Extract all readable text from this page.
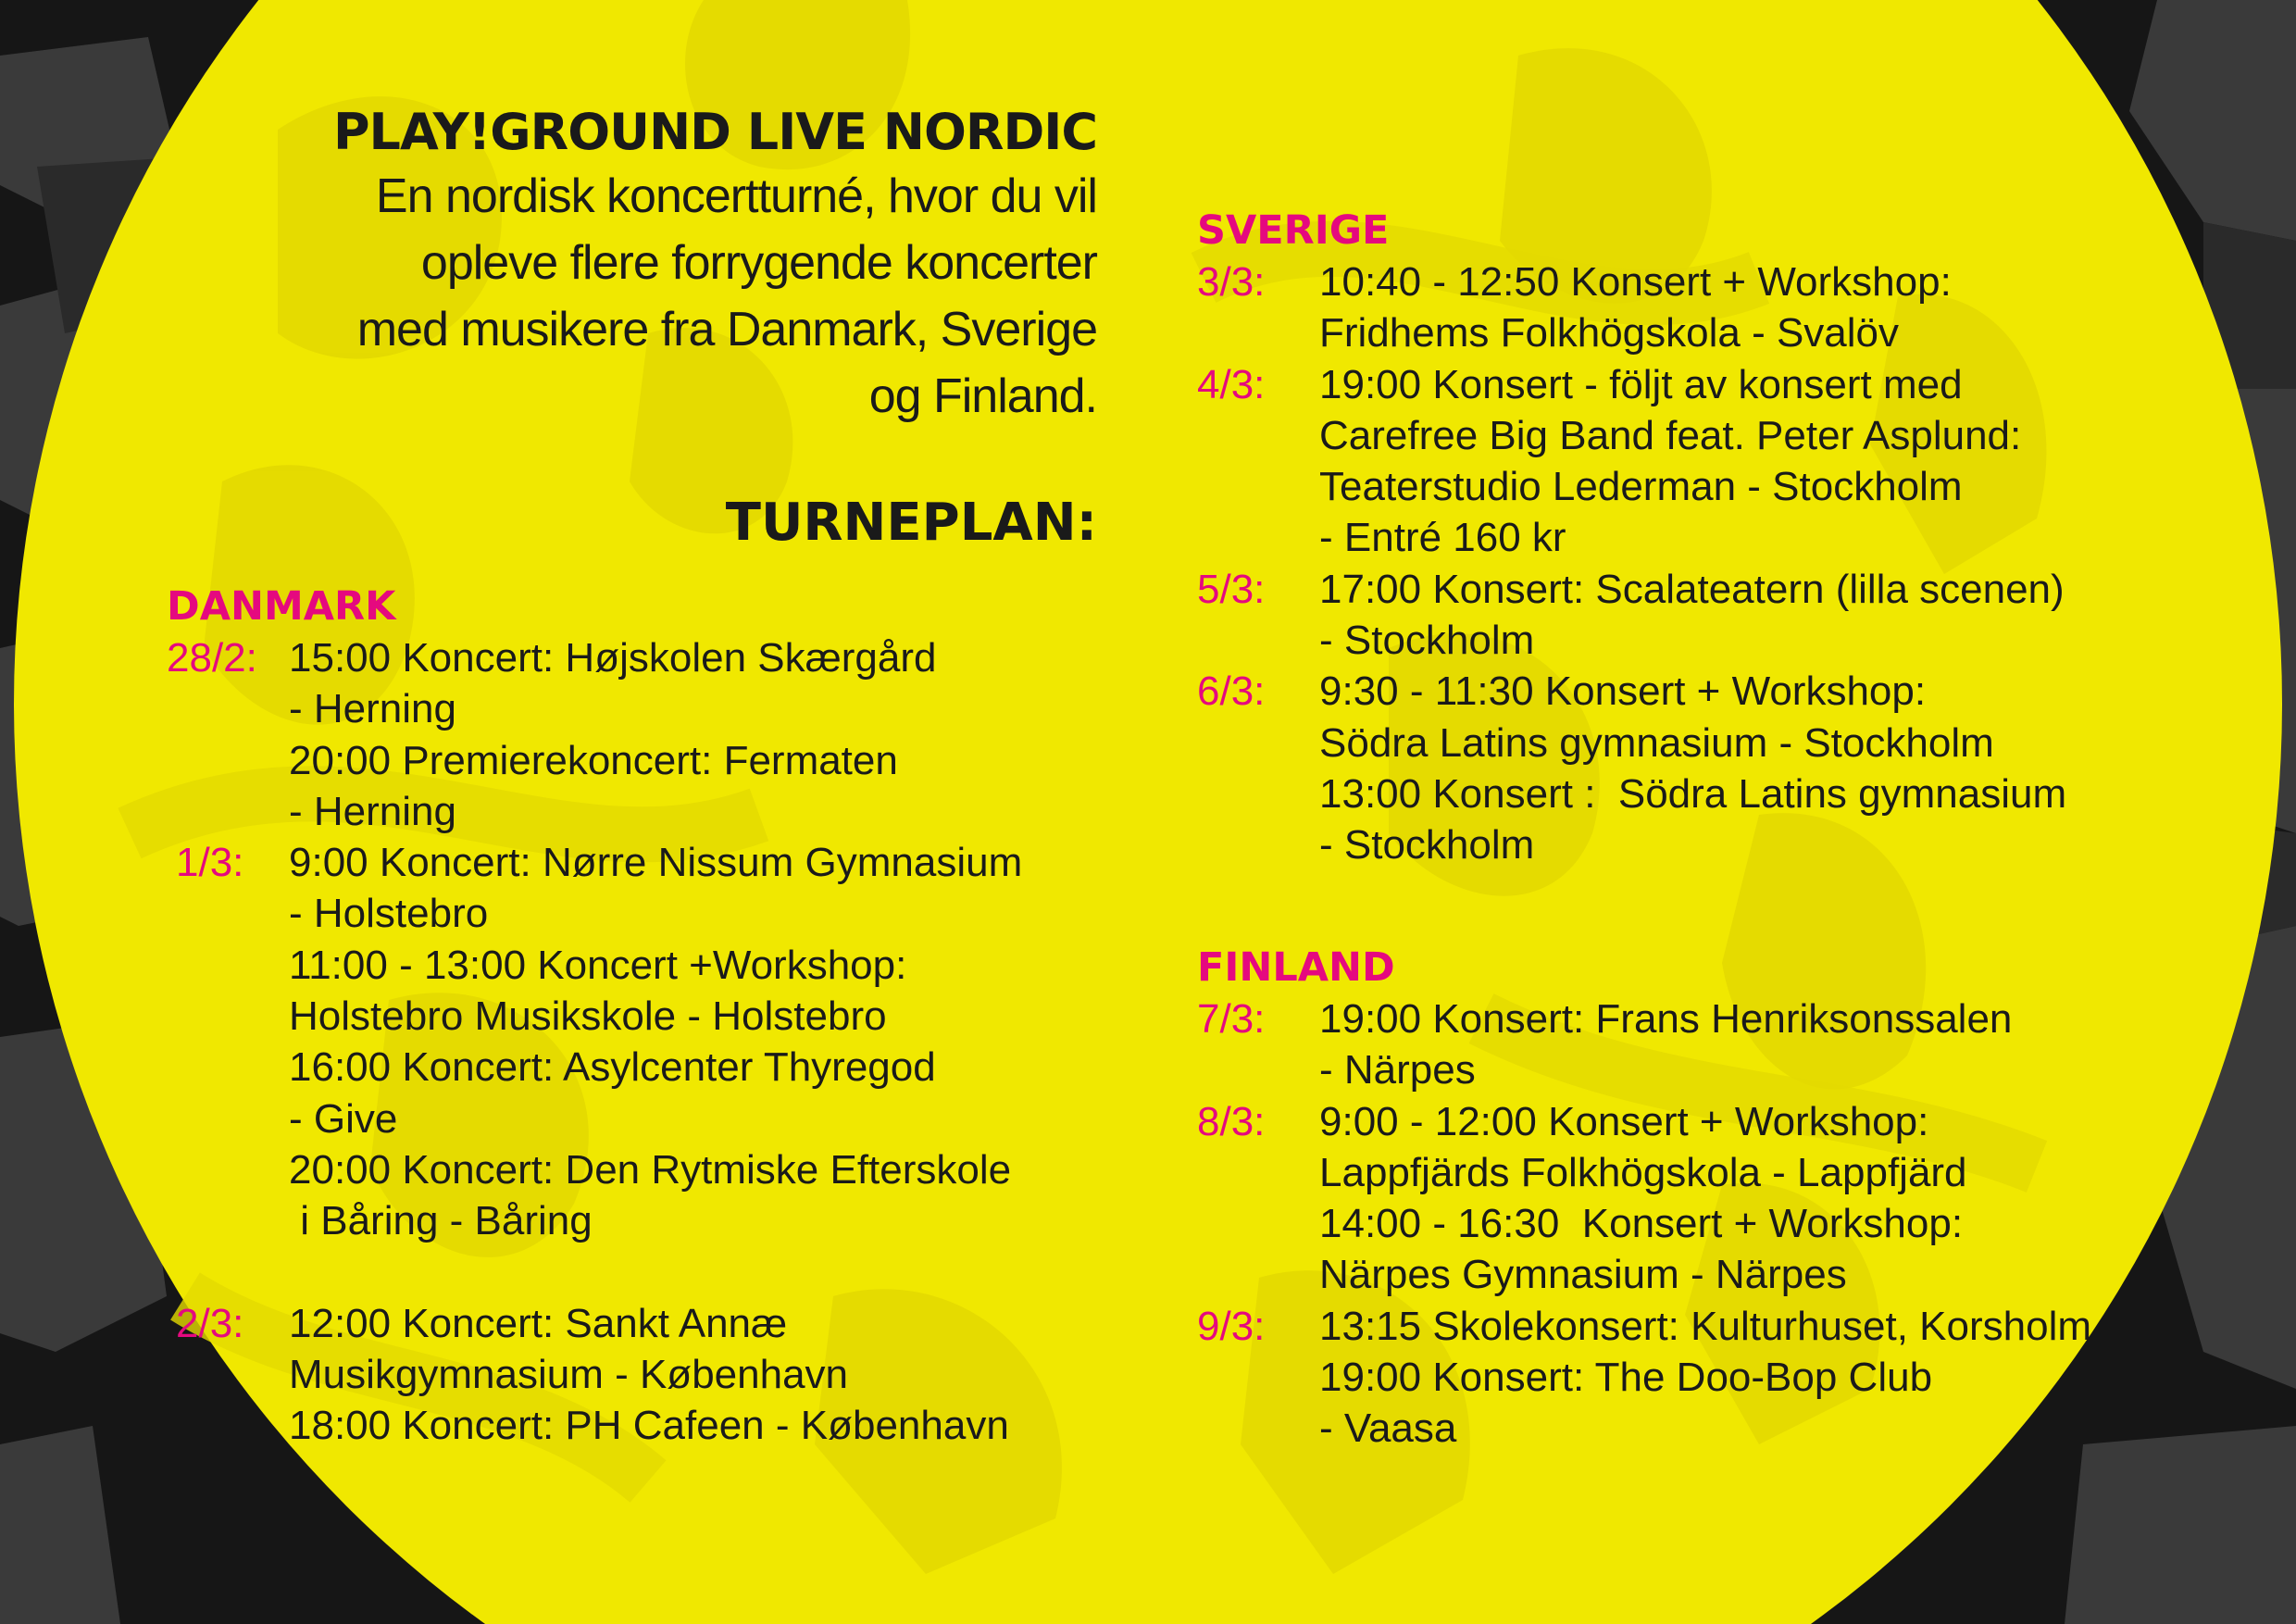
PLAY!GROUND LIVE NORDIC

En nordisk koncertturné, hvor du vil

opleve flere forrygende koncerter

med musikere fra Danmark, Sverige

og Finland.

TURNEPLAN:
DANMARK
28/2: 15:00 Koncert: Højskolen Skærgård
- Herning
20:00 Premierekoncert: Fermaten
- Herning
1/3:	9:00 Koncert: Nørre Nissum Gymnasium
- Holstebro
11:00 - 13:00 Koncert +Workshop:
Holstebro Musikskole - Holstebro
16:00 Koncert: Asylcenter Thyregod
- Give
20:00 Koncert: Den Rytmiske Efterskole
i Båring - Båring
2/3:	12:00 Koncert: Sankt Annæ
Musikgymnasium - København
18:00 Koncert: PH Cafeen - København
SVERIGE
3/3:	10:40 - 12:50 Konsert + Workshop:
Fridhems Folkhögskola - Svalöv
4/3:	19:00 Konsert - följt av konsert med
Carefree Big Band feat. Peter Asplund:
Teaterstudio Lederman - Stockholm
- Entré 160 kr
5/3:	17:00 Konsert: Scalateatern (lilla scenen)
- Stockholm
6/3:	9:30 - 11:30 Konsert + Workshop:
Södra Latins gymnasium - Stockholm
13:00 Konsert :  Södra Latins gymnasium
- Stockholm
FINLAND
7/3:	19:00 Konsert: Frans Henriksonssalen
- Närpes
8/3:	9:00 - 12:00 Konsert + Workshop:
Lappfjärds Folkhögskola - Lappfjärd
14:00 - 16:30  Konsert + Workshop:
Närpes Gymnasium - Närpes
9/3:	13:15 Skolekonsert: Kulturhuset, Korsholm
19:00 Konsert: The Doo-Bop Club
- Vaasa
